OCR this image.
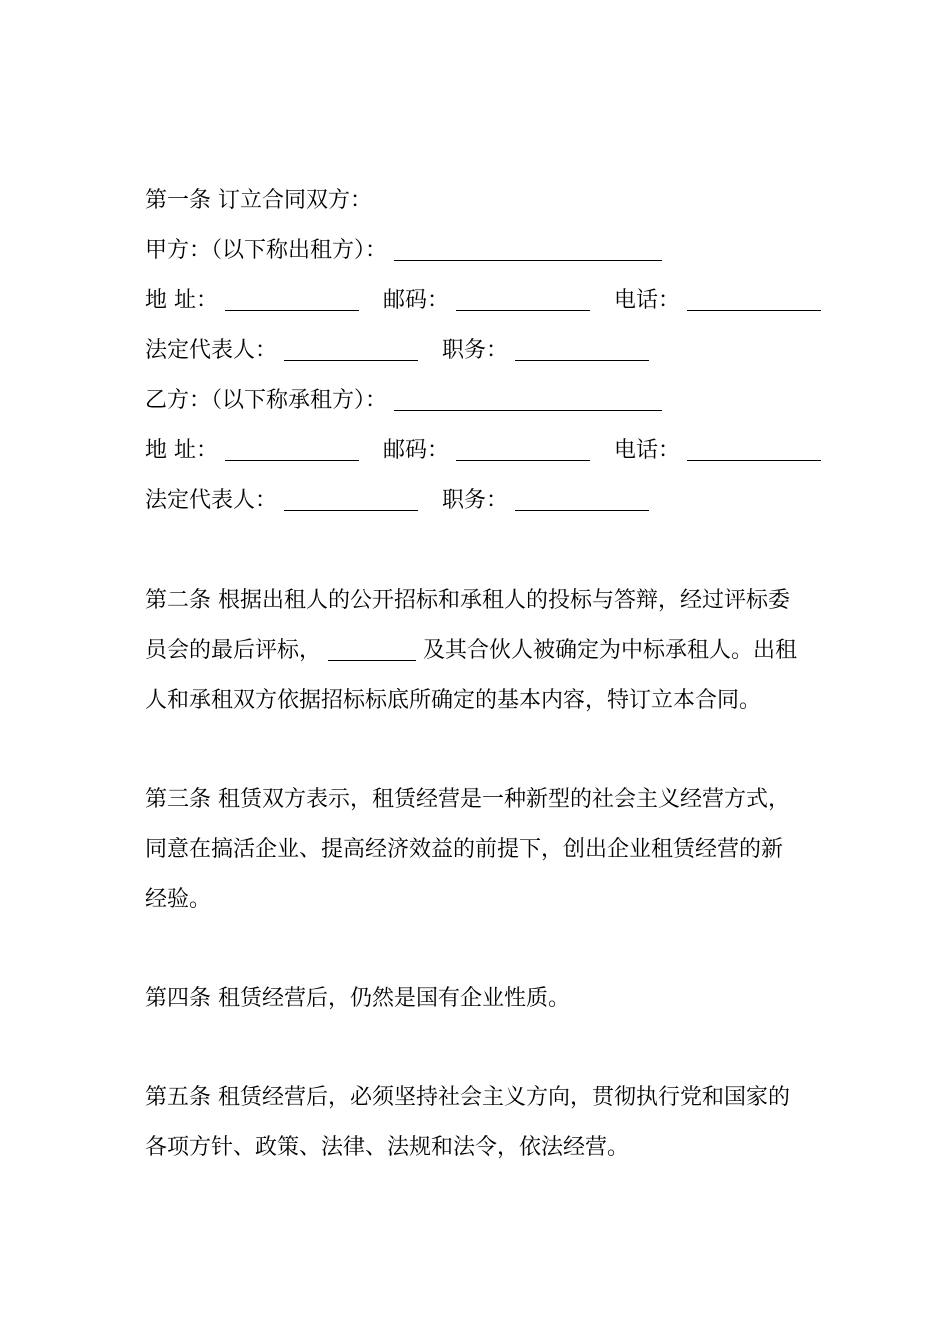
第一条 订立合同双方：
甲方：（以下称出租方）：
地 址：	邮码：	电话：
法定代表人：	职务：
乙方：（以下称承租方）：
地 址：	邮码：	电话：
法定代表人：	职务：
第二条 根据出租人的公开招标和承租人的投标与答辩，经过评标委
员会的最后评标，	及其合伙人被确定为中标承租人。出租
人和承租双方依据招标标底所确定的基本内容，特订立本合同。
第三条 租赁双方表示，租赁经营是一种新型的社会主义经营方式，
同意在搞活企业、提高经济效益的前提下，创出企业租赁经营的新
经验。
第四条 租赁经营后，仍然是国有企业性质。
第五条 租赁经营后，必须坚持社会主义方向，贯彻执行党和国家的
各项方针、政策、法律、法规和法令，依法经营。
